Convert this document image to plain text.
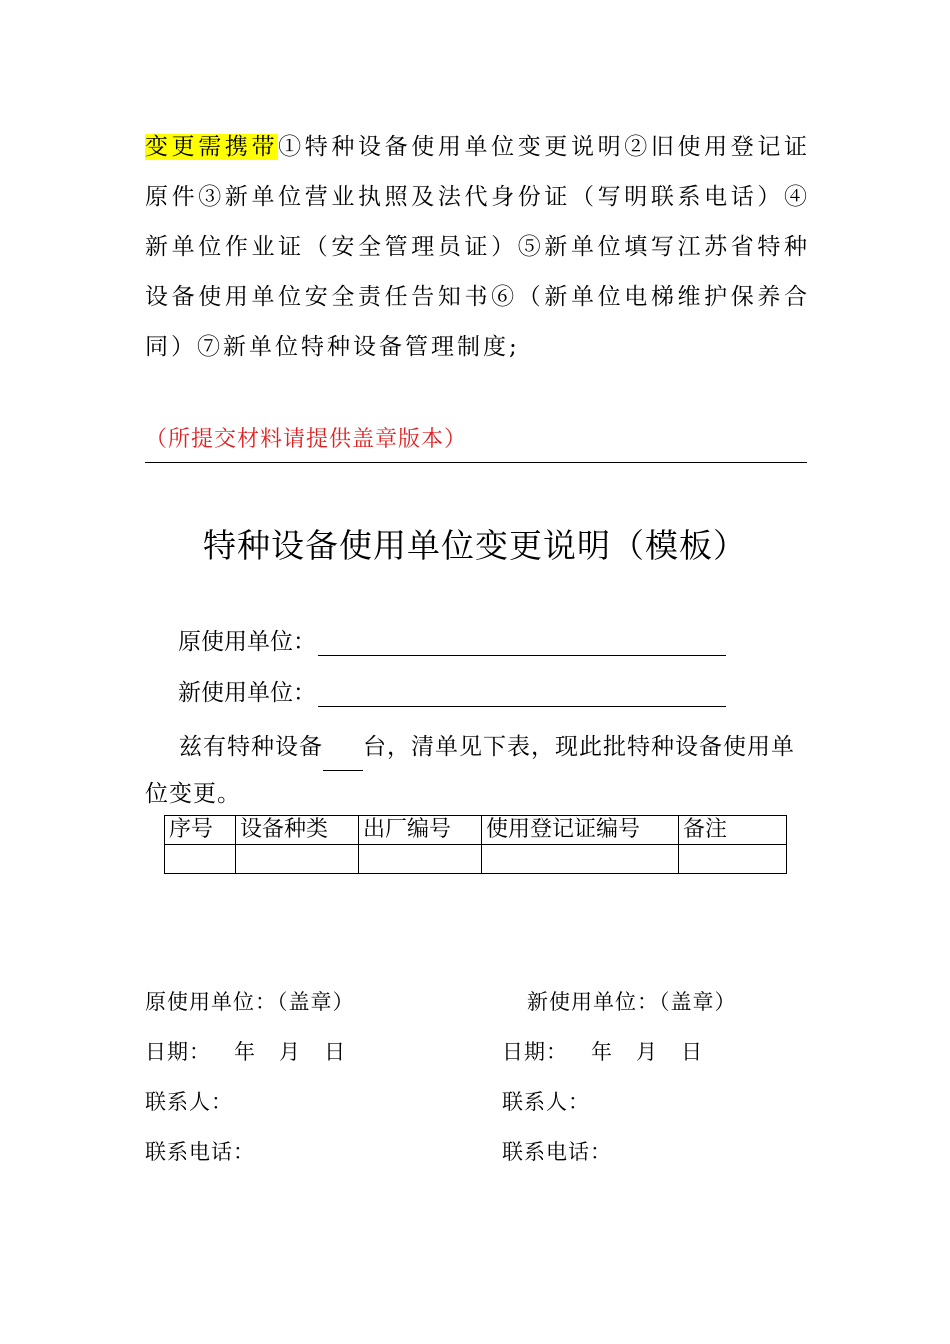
变更需携带①特种设备使用单位变更说明②旧使用登记证原件③新单位营业执照及法代身份证（写明联系电话）④新单位作业证（安全管理员证）⑤新单位填写江苏省特种设备使用单位安全责任告知书⑥（新单位电梯维护保养合同）⑦新单位特种设备管理制度;
（所提交材料请提供盖章版本）
特种设备使用单位变更说明（模板）
原使用单位：
新使用单位：
兹有特种设备 台，清单见下表，现此批特种设备使用单位变更。
序号	设备种类	出厂编号	使用登记证编号	备注

原使用单位：（盖章）
日期：   年   月   日
联系人：
联系电话：
新使用单位：（盖章）
日期：   年   月   日
联系人：
联系电话：
